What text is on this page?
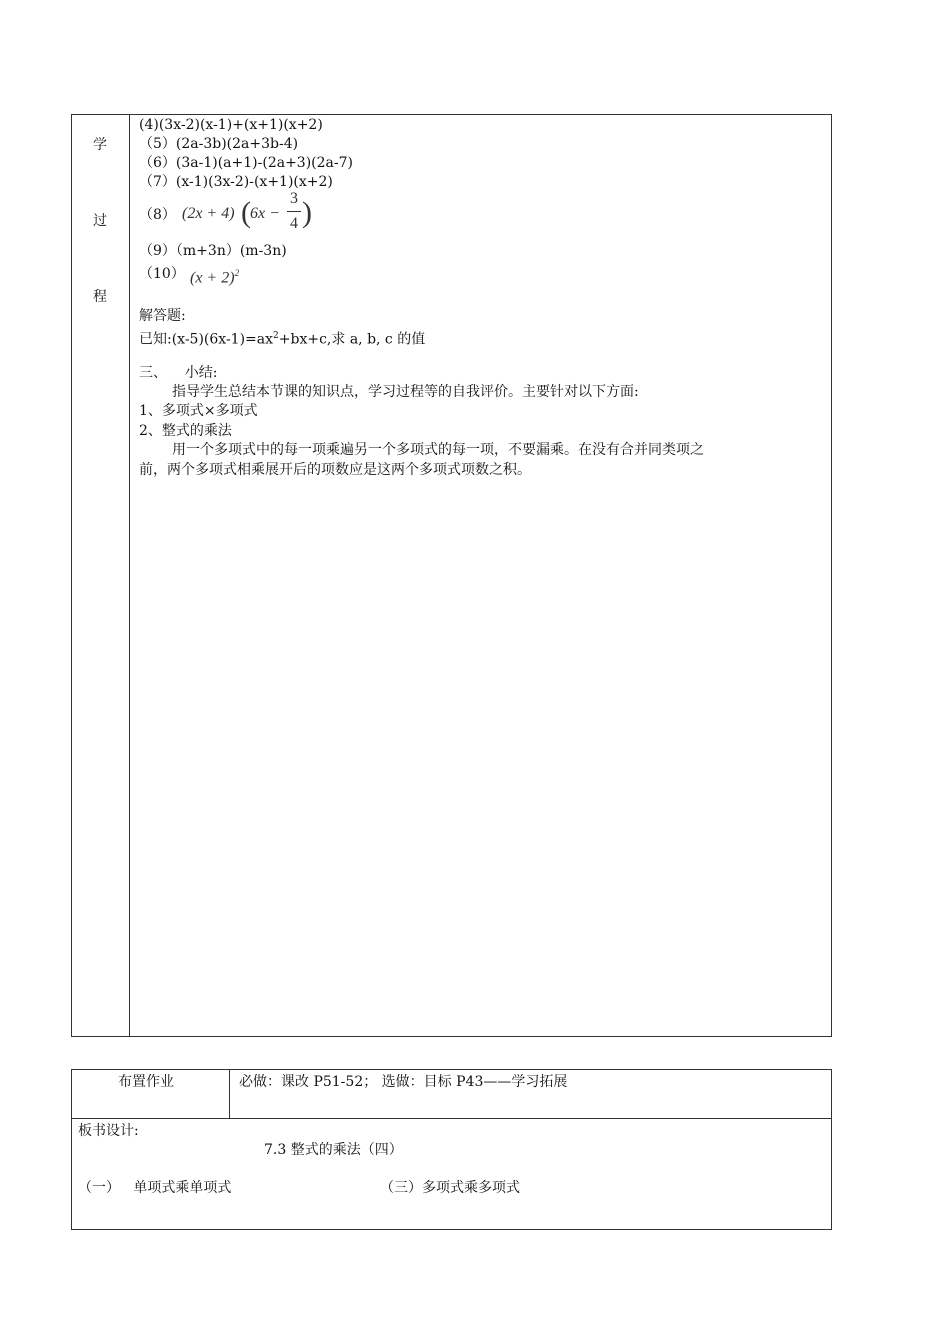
学
过
程
(4)(3x-2)(x-1)+(x+1)(x+2)
（5）(2a-3b)(2a+3b-4)
（6）(3a-1)(a+1)-(2a+3)(2a-7)
（7）(x-1)(3x-2)-(x+1)(x+2)
（8） (2x + 4) ( 6x −
3
4 )
（9）（m+3n）(m-3n)
（10） $(x + 2)^2$
解答题:
已知$:(x-5)(6x-1)=ax^2+bx+c$,求 a, b, c 的值
三、    小结:
指导学生总结本节课的知识点，学习过程等的自我评价。主要针对以下方面:
1、多项式×多项式
2、整式的乘法
用一个多项式中的每一项乘遍另一个多项式的每一项，不要漏乘。在没有合并同类项之
前，两个多项式相乘展开后的项数应是这两个多项式项数之积。
布置作业	必做：课改 P51-52； 选做：目标 P43——学习拓展
板书设计:
7.3 整式的乘法（四）
（一）   单项式乘单项式	（三）多项式乘多项式
